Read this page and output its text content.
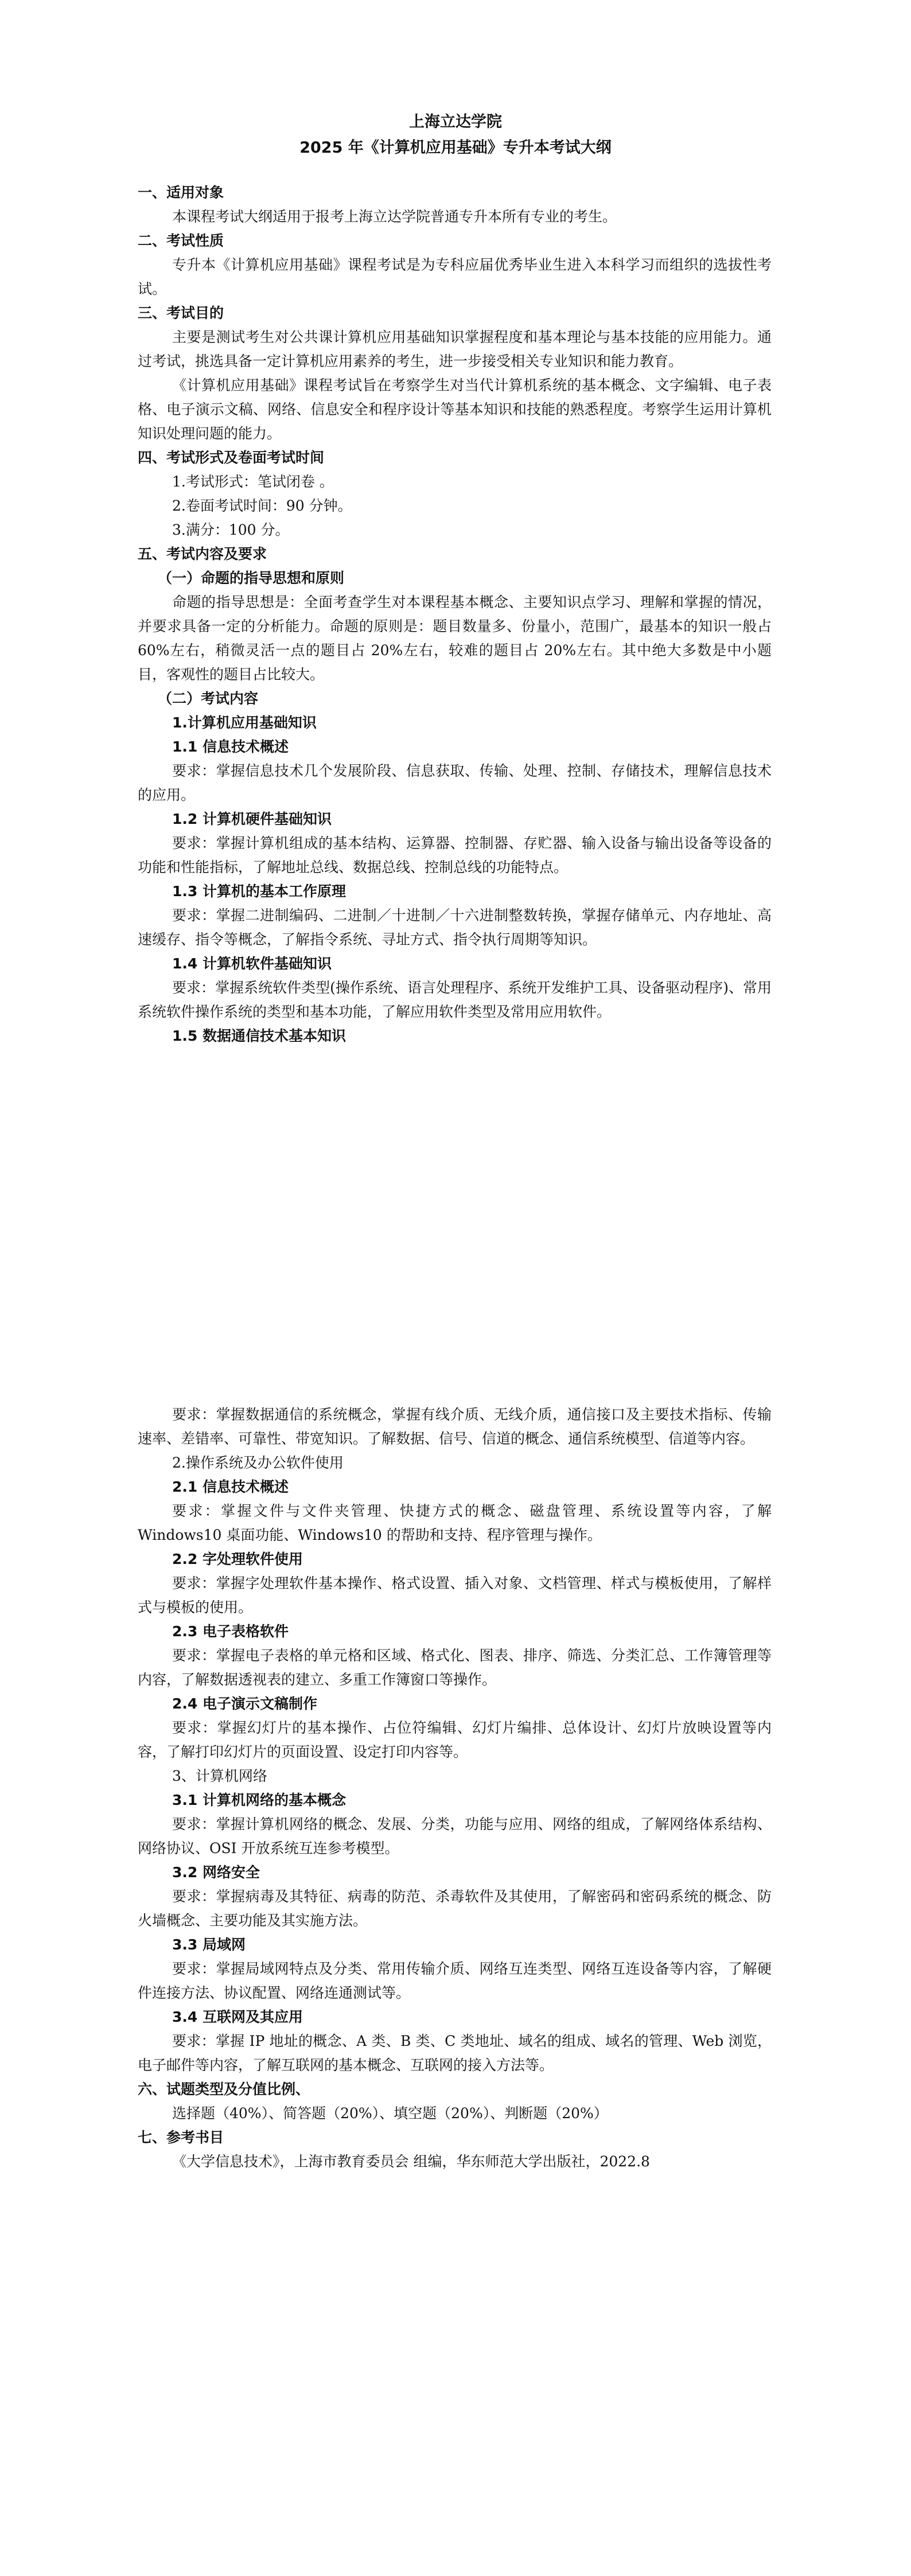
上海立达学院

2025 年《计算机应用基础》专升本考试大纲

一、适用对象

本课程考试大纲适用于报考上海立达学院普通专升本所有专业的考生。

二、考试性质

专升本《计算机应用基础》课程考试是为专科应届优秀毕业生进入本科学习而组织的选拔性考试。

三、考试目的

主要是测试考生对公共课计算机应用基础知识掌握程度和基本理论与基本技能的应用能力。通过考试，挑选具备一定计算机应用素养的考生，进一步接受相关专业知识和能力教育。

《计算机应用基础》课程考试旨在考察学生对当代计算机系统的基本概念、文字编辑、电子表格、电子演示文稿、网络、信息安全和程序设计等基本知识和技能的熟悉程度。考察学生运用计算机知识处理问题的能力。

四、考试形式及卷面考试时间

1.考试形式：笔试闭卷 。

2.卷面考试时间：90 分钟。

3.满分：100 分。

五、考试内容及要求

（一）命题的指导思想和原则

命题的指导思想是：全面考查学生对本课程基本概念、主要知识点学习、理解和掌握的情况，并要求具备一定的分析能力。命题的原则是：题目数量多、份量小，范围广，最基本的知识一般占 60%左右，稍微灵活一点的题目占 20%左右，较难的题目占 20%左右。其中绝大多数是中小题目，客观性的题目占比较大。

（二）考试内容

1.计算机应用基础知识

1.1 信息技术概述

要求：掌握信息技术几个发展阶段、信息获取、传输、处理、控制、存储技术，理解信息技术的应用。

1.2 计算机硬件基础知识

要求：掌握计算机组成的基本结构、运算器、控制器、存贮器、输入设备与输出设备等设备的功能和性能指标，了解地址总线、数据总线、控制总线的功能特点。

1.3 计算机的基本工作原理

要求：掌握二进制编码、二进制／十进制／十六进制整数转换，掌握存储单元、内存地址、高速缓存、指令等概念，了解指令系统、寻址方式、指令执行周期等知识。

1.4 计算机软件基础知识

要求：掌握系统软件类型(操作系统、语言处理程序、系统开发维护工具、设备驱动程序)、常用系统软件操作系统的类型和基本功能，了解应用软件类型及常用应用软件。

1.5 数据通信技术基本知识

要求：掌握数据通信的系统概念，掌握有线介质、无线介质，通信接口及主要技术指标、传输速率、差错率、可靠性、带宽知识。了解数据、信号、信道的概念、通信系统模型、信道等内容。

2.操作系统及办公软件使用

2.1 信息技术概述

要求：掌握文件与文件夹管理、快捷方式的概念、磁盘管理、系统设置等内容，了解 Windows10 桌面功能、Windows10 的帮助和支持、程序管理与操作。

2.2 字处理软件使用

要求：掌握字处理软件基本操作、格式设置、插入对象、文档管理、样式与模板使用，了解样式与模板的使用。

2.3 电子表格软件

要求：掌握电子表格的单元格和区域、格式化、图表、排序、筛选、分类汇总、工作簿管理等内容，了解数据透视表的建立、多重工作簿窗口等操作。

2.4 电子演示文稿制作

要求：掌握幻灯片的基本操作、占位符编辑、幻灯片编排、总体设计、幻灯片放映设置等内容，了解打印幻灯片的页面设置、设定打印内容等。

3、计算机网络

3.1 计算机网络的基本概念

要求：掌握计算机网络的概念、发展、分类，功能与应用、网络的组成，了解网络体系结构、网络协议、OSI 开放系统互连参考模型。

3.2 网络安全

要求：掌握病毒及其特征、病毒的防范、杀毒软件及其使用，了解密码和密码系统的概念、防火墙概念、主要功能及其实施方法。

3.3 局域网

要求：掌握局域网特点及分类、常用传输介质、网络互连类型、网络互连设备等内容，了解硬件连接方法、协议配置、网络连通测试等。

3.4 互联网及其应用

要求：掌握 IP 地址的概念、A 类、B 类、C 类地址、域名的组成、域名的管理、Web 浏览，电子邮件等内容，了解互联网的基本概念、互联网的接入方法等。

六、试题类型及分值比例、

选择题（40%）、简答题（20%）、填空题（20%）、判断题（20%）

七、参考书目

《大学信息技术》，上海市教育委员会 组编，华东师范大学出版社，2022.8
